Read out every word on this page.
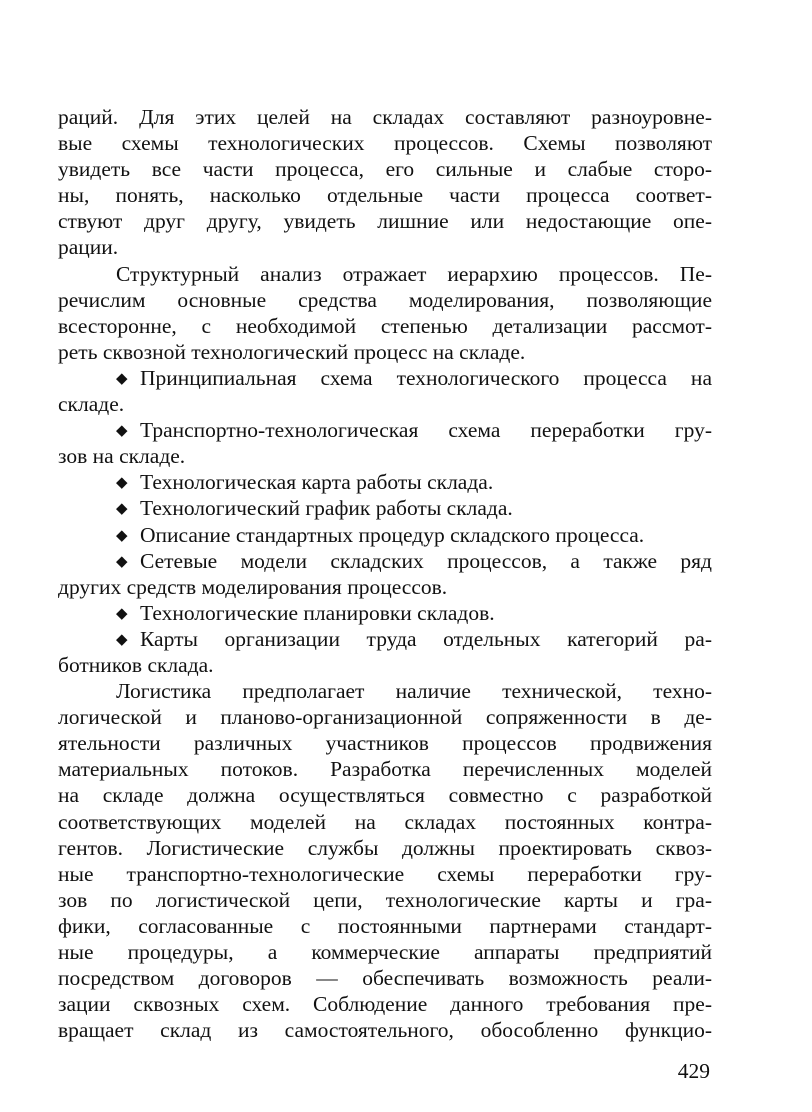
раций. Для этих целей на складах составляют разноуровне-
вые схемы технологических процессов. Схемы позволяют
увидеть все части процесса, его сильные и слабые сторо-
ны, понять, насколько отдельные части процесса соответ-
ствуют друг другу, увидеть лишние или недостающие опе-
рации.
Структурный анализ отражает иерархию процессов. Пе-
речислим основные средства моделирования, позволяющие
всесторонне, с необходимой степенью детализации рассмот-
реть сквозной технологический процесс на складе.
◆ Принципиальная схема технологического процесса на
складе.
◆ Транспортно-технологическая схема переработки гру-
зов на складе.
◆ Технологическая карта работы склада.
◆ Технологический график работы склада.
◆ Описание стандартных процедур складского процесса.
◆ Сетевые модели складских процессов, а также ряд
других средств моделирования процессов.
◆ Технологические планировки складов.
◆ Карты организации труда отдельных категорий ра-
ботников склада.
Логистика предполагает наличие технической, техно-
логической и планово-организационной сопряженности в де-
ятельности различных участников процессов продвижения
материальных потоков. Разработка перечисленных моделей
на складе должна осуществляться совместно с разработкой
соответствующих моделей на складах постоянных контра-
гентов. Логистические службы должны проектировать сквоз-
ные транспортно-технологические схемы переработки гру-
зов по логистической цепи, технологические карты и гра-
фики, согласованные с постоянными партнерами стандарт-
ные процедуры, а коммерческие аппараты предприятий
посредством договоров — обеспечивать возможность реали-
зации сквозных схем. Соблюдение данного требования пре-
вращает склад из самостоятельного, обособленно функцио-
429
